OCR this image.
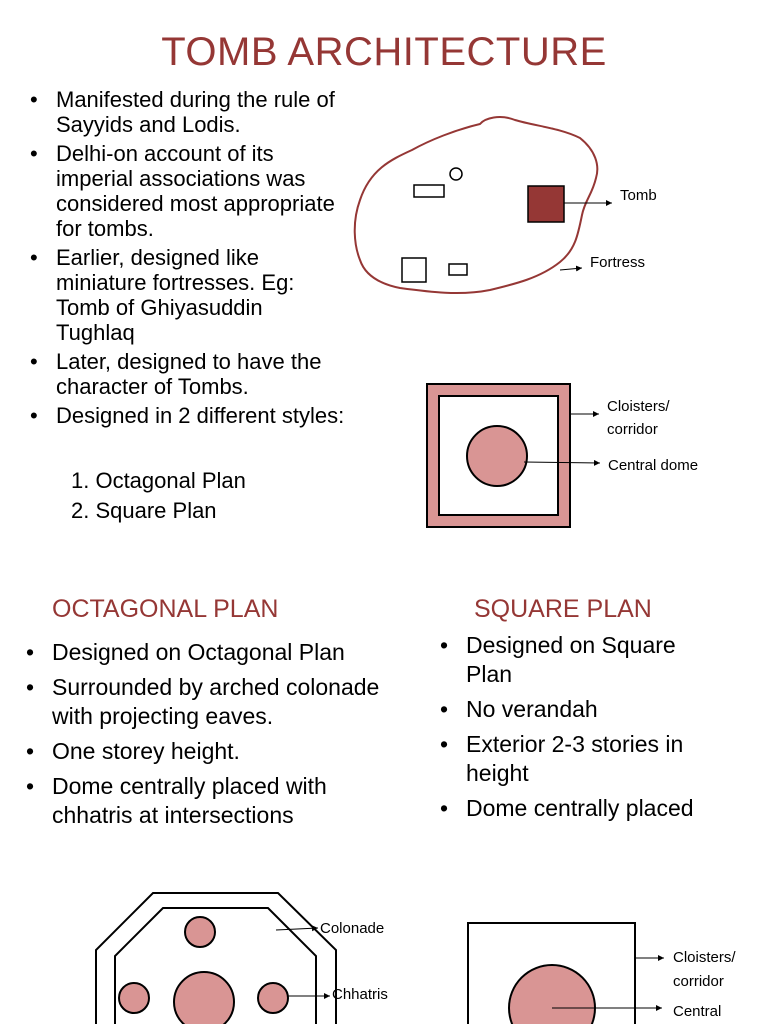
TOMB ARCHITECTURE
• Manifested during the rule of Sayyids and Lodis.
• Delhi-on account of its imperial associations was considered most appropriate for tombs.
• Earlier, designed like miniature fortresses. Eg: Tomb of Ghiyasuddin Tughlaq
• Later, designed to have the character of Tombs.
• Designed in 2 different styles:
1. Octagonal Plan
2. Square Plan
OCTAGONAL PLAN	SQUARE PLAN
• Designed on Octagonal Plan
• Surrounded by arched colonade with projecting eaves.
• One storey height.
• Dome centrally placed with chhatris at intersections
• Designed on Square Plan
• No verandah
• Exterior 2-3 stories in height
• Dome centrally placed
Tomb
Fortress
Cloisters/
corridor
Central dome
Colonade
Chhatris
Cloisters/
corridor
Central
